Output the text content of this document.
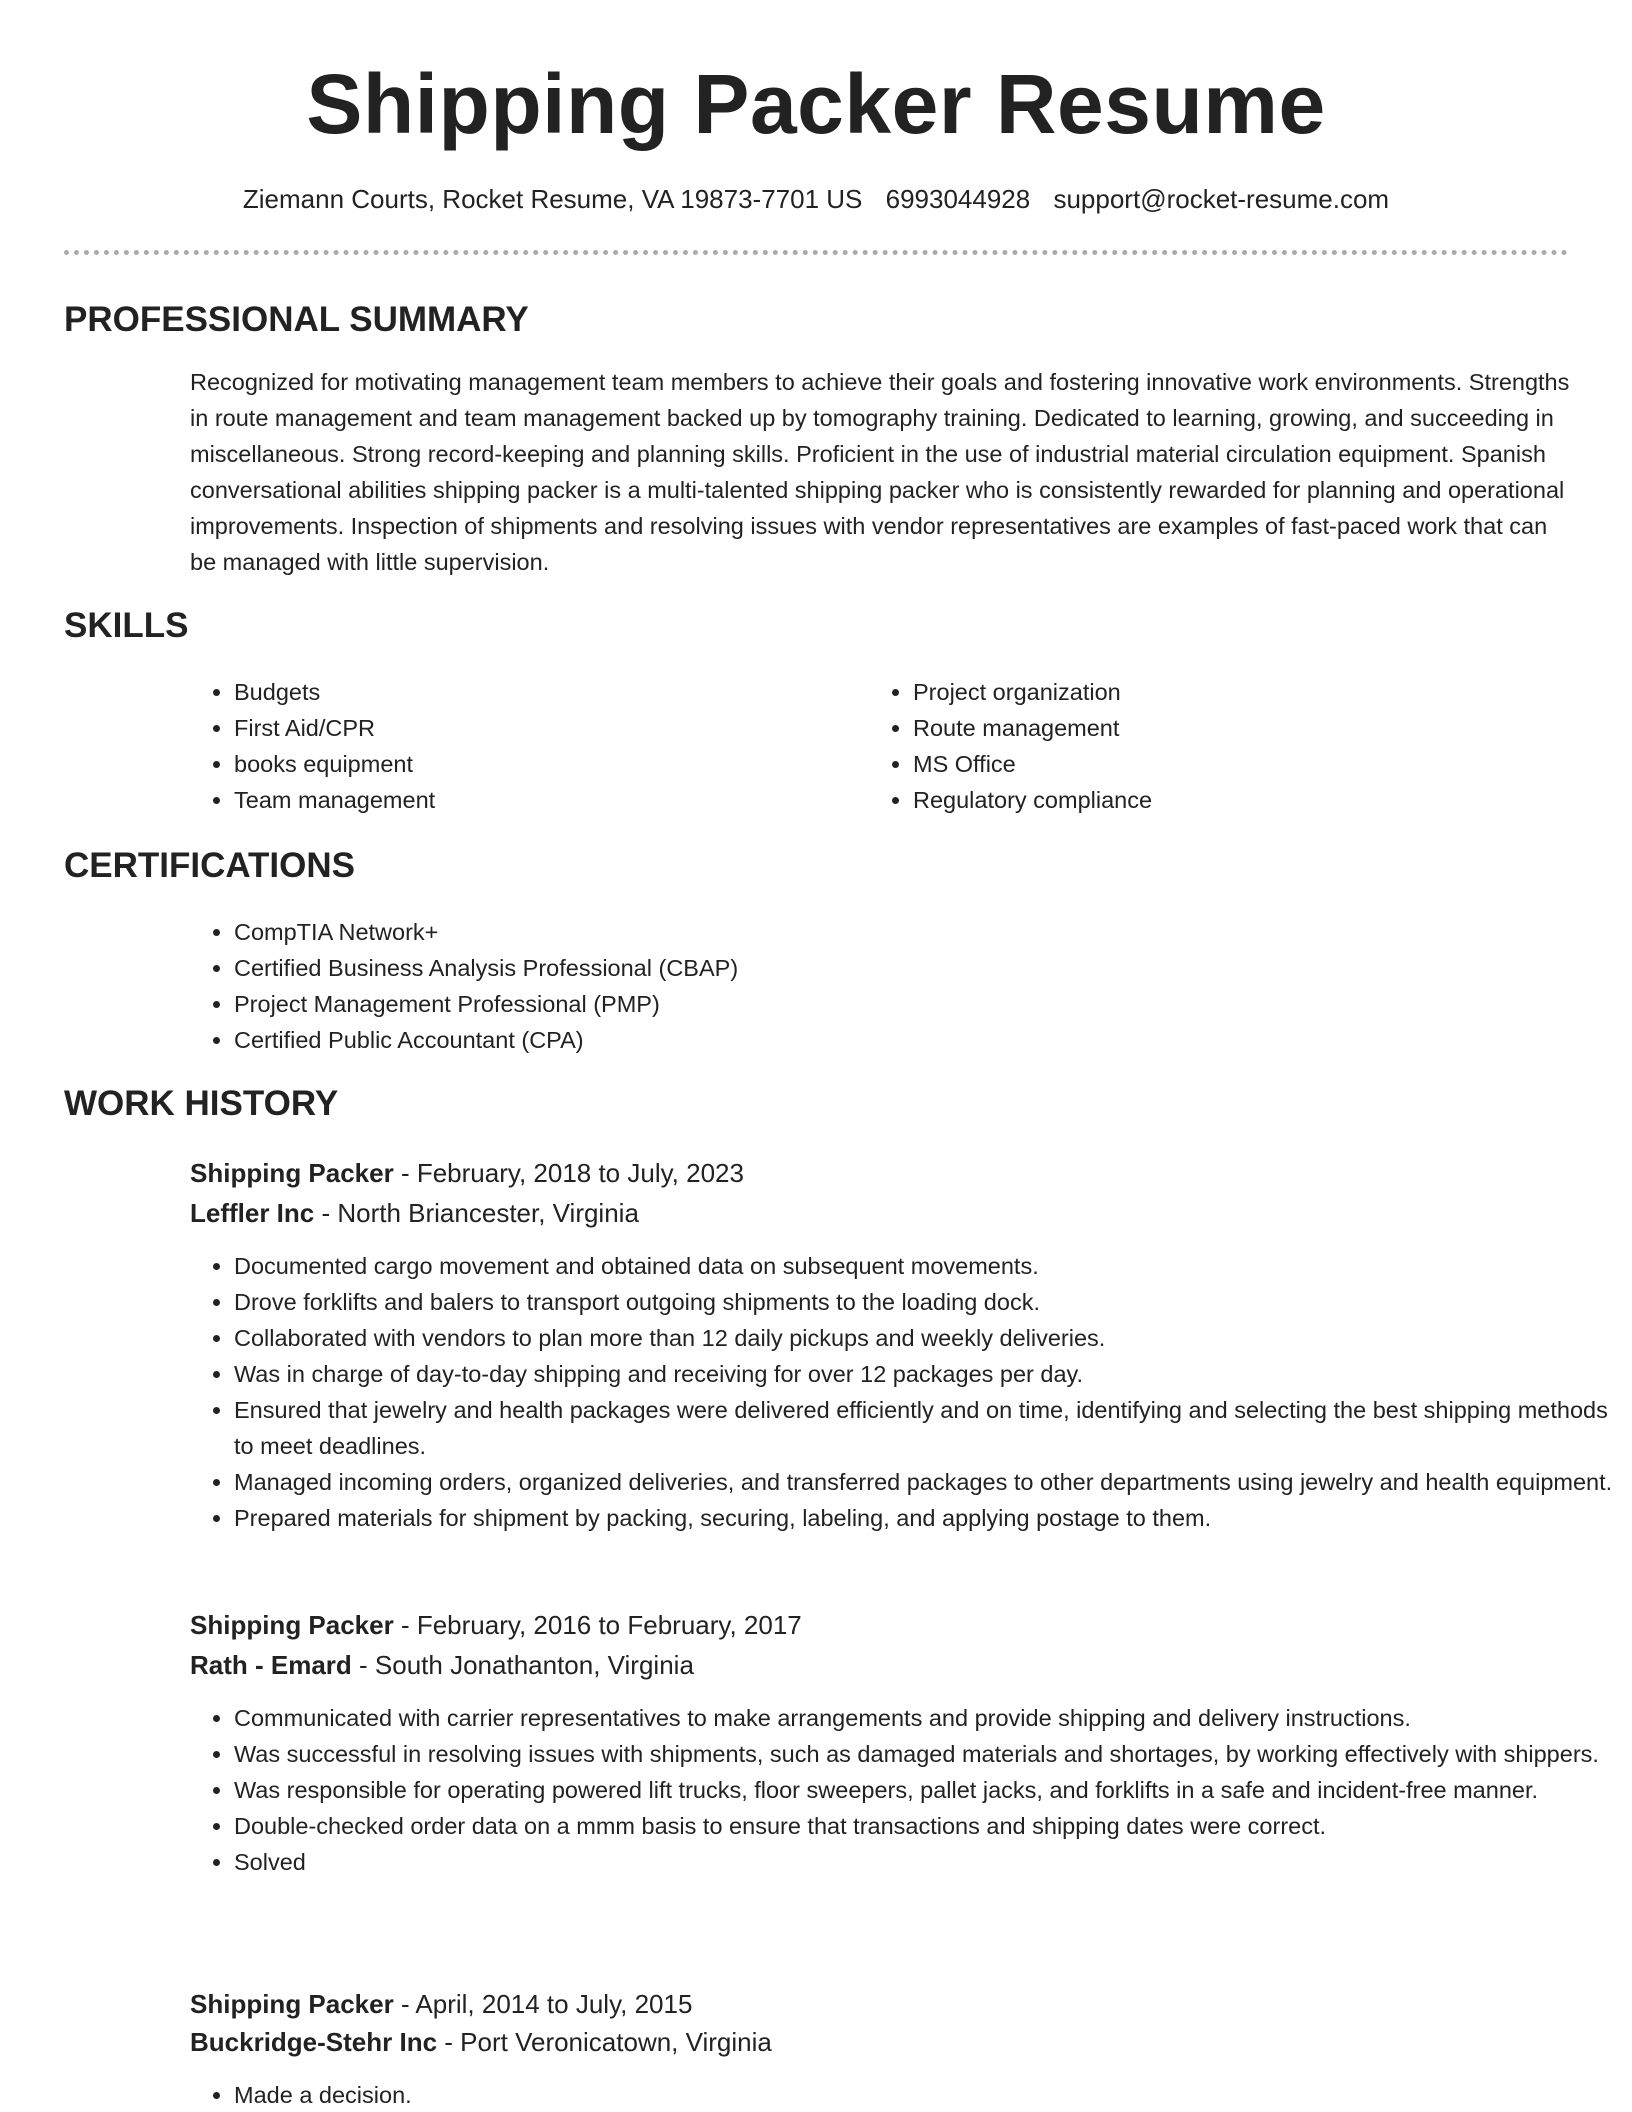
Shipping Packer Resume
Ziemann Courts, Rocket Resume, VA 19873-7701 US 6993044928 support@rocket-resume.com
PROFESSIONAL SUMMARY

Recognized for motivating management team members to achieve their goals and fostering innovative work environments. Strengths in route management and team management backed up by tomography training. Dedicated to learning, growing, and succeeding in miscellaneous. Strong record-keeping and planning skills. Proficient in the use of industrial material circulation equipment. Spanish conversational abilities shipping packer is a multi-talented shipping packer who is consistently rewarded for planning and operational improvements. Inspection of shipments and resolving issues with vendor representatives are examples of fast-paced work that can be managed with little supervision.

SKILLS
• Budgets
• First Aid/CPR
• books equipment
• Team management
• Project organization
• Route management
• MS Office
• Regulatory compliance
CERTIFICATIONS
• CompTIA Network+
• Certified Business Analysis Professional (CBAP)
• Project Management Professional (PMP)
• Certified Public Accountant (CPA)
WORK HISTORY
Shipping Packer - February, 2018 to July, 2023
Leffler Inc - North Briancester, Virginia
• Documented cargo movement and obtained data on subsequent movements.
• Drove forklifts and balers to transport outgoing shipments to the loading dock.
• Collaborated with vendors to plan more than 12 daily pickups and weekly deliveries.
• Was in charge of day-to-day shipping and receiving for over 12 packages per day.
• Ensured that jewelry and health packages were delivered efficiently and on time, identifying and selecting the best shipping methods to meet deadlines.
• Managed incoming orders, organized deliveries, and transferred packages to other departments using jewelry and health equipment.
• Prepared materials for shipment by packing, securing, labeling, and applying postage to them.
Shipping Packer - February, 2016 to February, 2017
Rath - Emard - South Jonathanton, Virginia
• Communicated with carrier representatives to make arrangements and provide shipping and delivery instructions.
• Was successful in resolving issues with shipments, such as damaged materials and shortages, by working effectively with shippers.
• Was responsible for operating powered lift trucks, floor sweepers, pallet jacks, and forklifts in a safe and incident-free manner.
• Double-checked order data on a mmm basis to ensure that transactions and shipping dates were correct.
• Solved
Shipping Packer - April, 2014 to July, 2015
Buckridge-Stehr Inc - Port Veronicatown, Virginia
• Made a decision.
